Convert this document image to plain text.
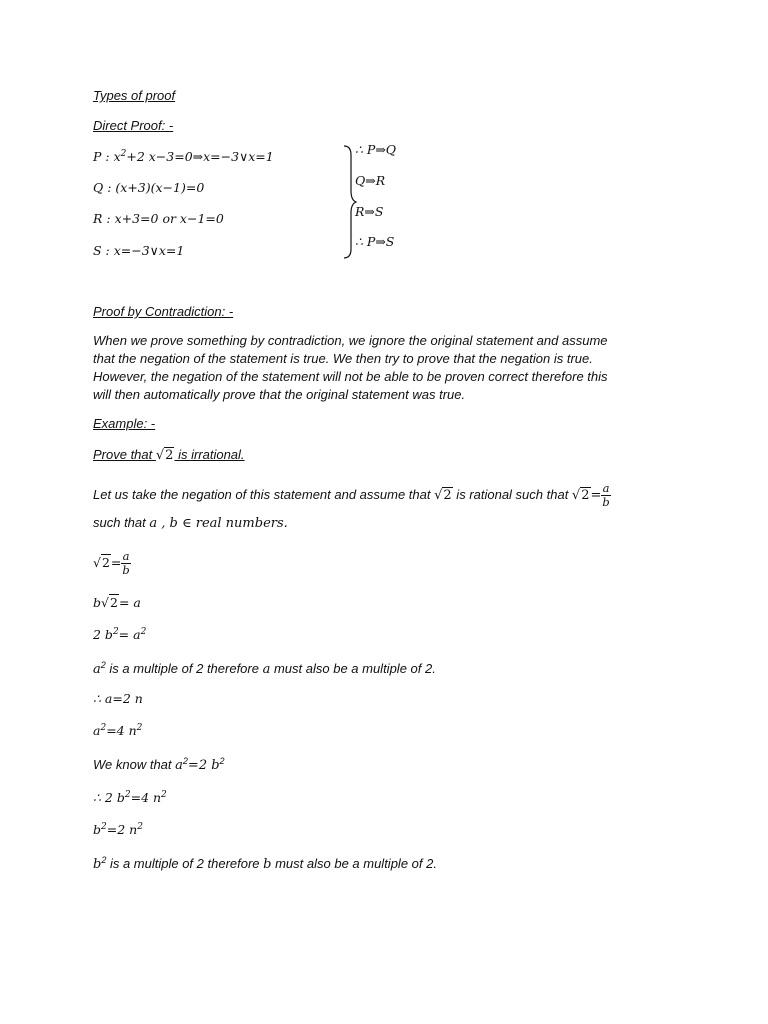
Types of proof
Direct Proof: -
P : $x^2+2$ x−3=0⇒x=−3∨x=1
Q : (x+3)(x−1)=0
R : x+3=0 or x−1=0
S : x=−3∨x=1
∴ P⇒Q
Q⇒R
R⇒S
∴ P⇒S
Proof by Contradiction: -
When we prove something by contradiction, we ignore the original statement and assume
that the negation of the statement is true. We then try to prove that the negation is true.
However, the negation of the statement will not be able to be proven correct therefore this
will then automatically prove that the original statement was true.
Example: -
Prove that √2 is irrational.
Let us take the negation of this statement and assume that √2 is rational such that $√2= \frac{a}{b}$
such that a , b ∈ real numbers.
$√2= \frac{a}{b}$
b√2= a
2 $b^2= a^2$
$a^2$ is a multiple of 2 therefore a must also be a multiple of 2.
∴ a=2 n
$a^2=4$ $n^2$
We know that $a^2=2$ $b^2$
∴ 2 $b^2=4$ $n^2$
$b^2=2$ $n^2$
$b^2$ is a multiple of 2 therefore b must also be a multiple of 2.
